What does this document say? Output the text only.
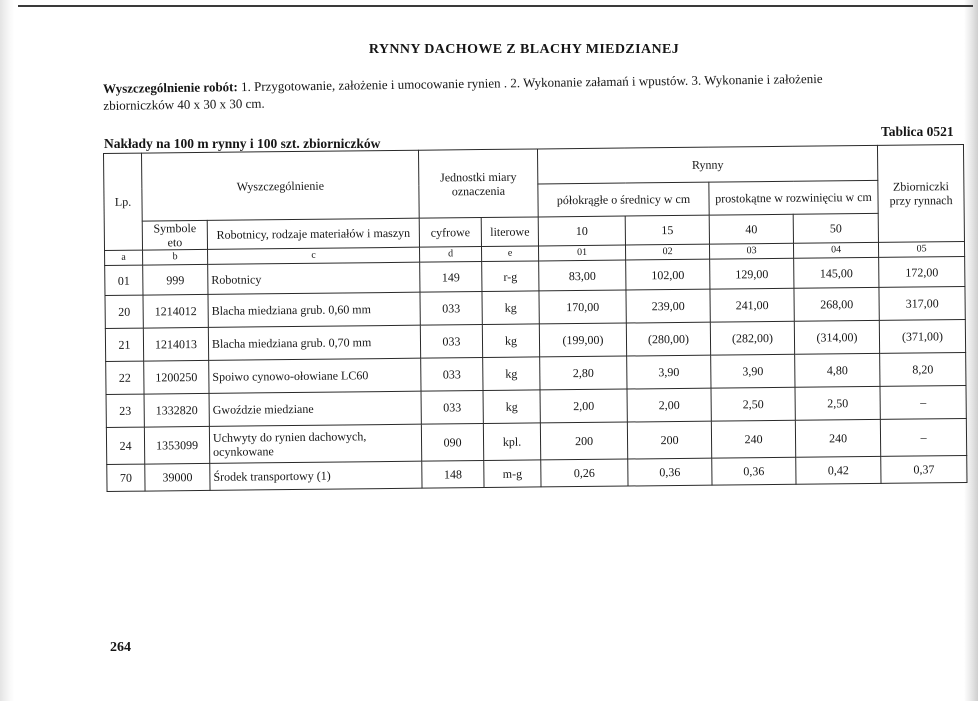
RYNNY DACHOWE Z BLACHY MIEDZIANEJ
Wyszczególnienie robót: 1. Przygotowanie, założenie i umocowanie rynien . 2. Wykonanie załamań i wpustów. 3. Wykonanie i założenie
zbiorniczków 40 x 30 x 30 cm.
Nakłady na 100 m rynny i 100 szt. zbiorniczków
Tablica 0521
Lp.	Wyszczególnienie		Jednostki miary oznaczenia		Rynny				Zbiorniczki przy rynnach
					półokrągłe o średnicy w cm		prostokątne w rozwinięciu w cm		
	Symbole eto	Robotnicy, rodzaje materiałów i maszyn	cyfrowe	literowe	10	15	40	50	
a	b	c	d	e	01	02	03	04	05
01	999	Robotnicy	149	r-g	83,00	102,00	129,00	145,00	172,00
20	1214012	Blacha miedziana grub. 0,60 mm	033	kg	170,00	239,00	241,00	268,00	317,00
21	1214013	Blacha miedziana grub. 0,70 mm	033	kg	(199,00)	(280,00)	(282,00)	(314,00)	(371,00)
22	1200250	Spoiwo cynowo-ołowiane LC60	033	kg	2,80	3,90	3,90	4,80	8,20
23	1332820	Gwoździe miedziane	033	kg	2,00	2,00	2,50	2,50	–
24	1353099	Uchwyty do rynien dachowych, ocynkowane	090	kpl.	200	200	240	240	–
70	39000	Środek transportowy (1)	148	m-g	0,26	0,36	0,36	0,42	0,37
264
